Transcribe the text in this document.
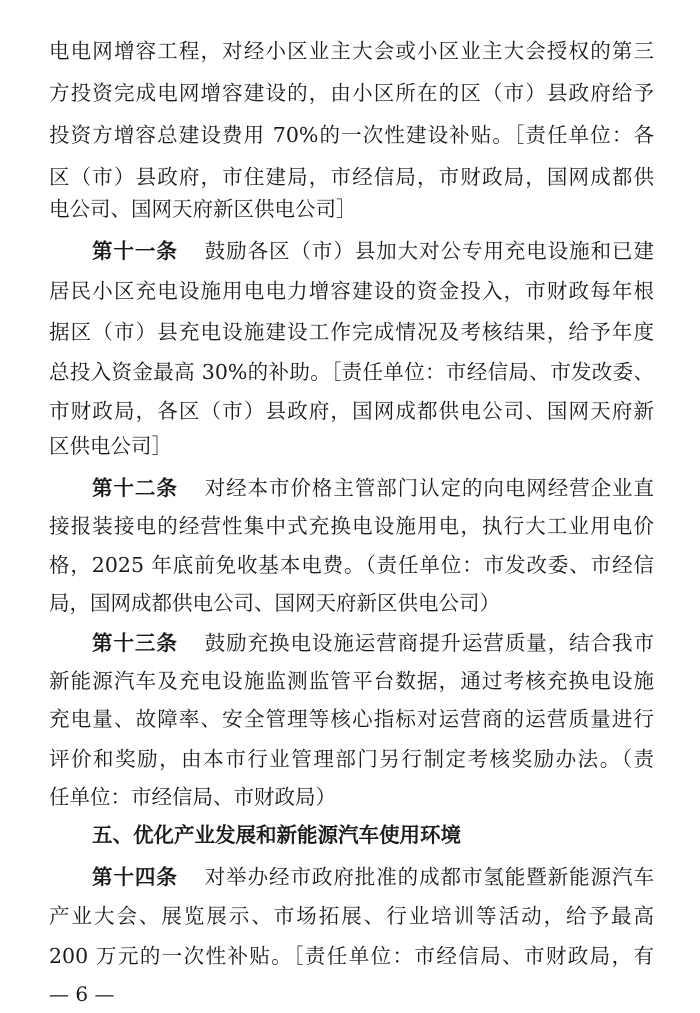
电电网增容工程，对经小区业主大会或小区业主大会授权的第三
方投资完成电网增容建设的，由小区所在的区（市）县政府给予
投资方增容总建设费用 70%的一次性建设补贴。［责任单位：各
区（市）县政府，市住建局，市经信局，市财政局，国网成都供
电公司、国网天府新区供电公司］
第十一条 鼓励各区（市）县加大对公专用充电设施和已建
居民小区充电设施用电电力增容建设的资金投入，市财政每年根
据区（市）县充电设施建设工作完成情况及考核结果，给予年度
总投入资金最高 30%的补助。［责任单位：市经信局、市发改委、
市财政局，各区（市）县政府，国网成都供电公司、国网天府新
区供电公司］
第十二条 对经本市价格主管部门认定的向电网经营企业直
接报装接电的经营性集中式充换电设施用电，执行大工业用电价
格，2025 年底前免收基本电费。（责任单位：市发改委、市经信
局，国网成都供电公司、国网天府新区供电公司）
第十三条 鼓励充换电设施运营商提升运营质量，结合我市
新能源汽车及充电设施监测监管平台数据，通过考核充换电设施
充电量、故障率、安全管理等核心指标对运营商的运营质量进行
评价和奖励，由本市行业管理部门另行制定考核奖励办法。（责
任单位：市经信局、市财政局）
五、优化产业发展和新能源汽车使用环境
第十四条 对举办经市政府批准的成都市氢能暨新能源汽车
产业大会、展览展示、市场拓展、行业培训等活动，给予最高
200 万元的一次性补贴。［责任单位：市经信局、市财政局，有
— 6 —
